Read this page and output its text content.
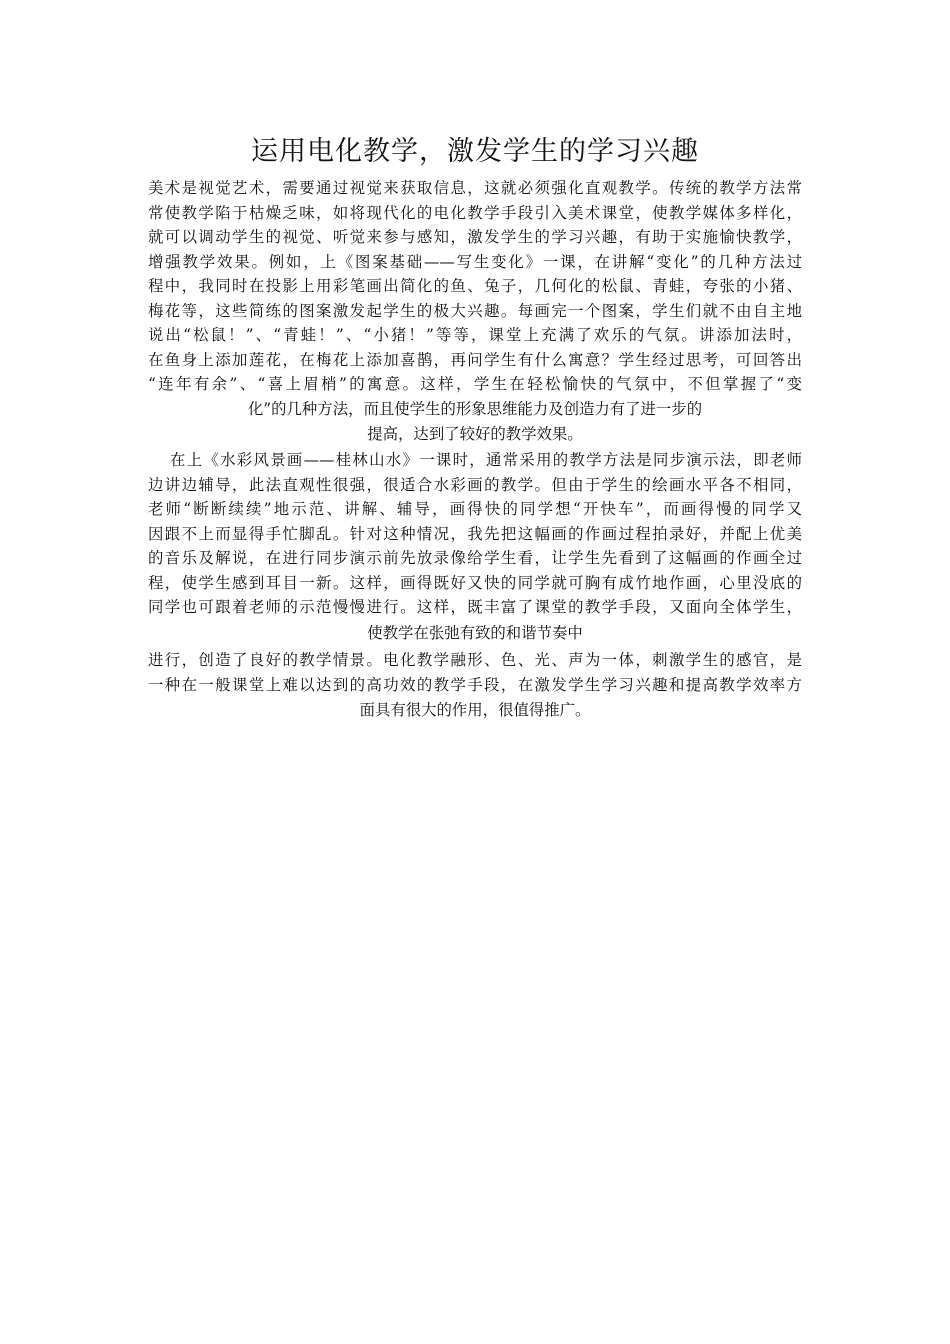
运用电化教学，激发学生的学习兴趣
美术是视觉艺术，需要通过视觉来获取信息，这就必须强化直观教学。传统的教学方法常
常使教学陷于枯燥乏味，如将现代化的电化教学手段引入美术课堂，使教学媒体多样化，
就可以调动学生的视觉、听觉来参与感知，激发学生的学习兴趣，有助于实施愉快教学，
增强教学效果。例如，上《图案基础——写生变化》一课，在讲解“变化”的几种方法过
程中，我同时在投影上用彩笔画出简化的鱼、兔子，几何化的松鼠、青蛙，夸张的小猪、
梅花等，这些简练的图案激发起学生的极大兴趣。每画完一个图案，学生们就不由自主地
说出“松鼠！”、“青蛙！”、“小猪！”等等，课堂上充满了欢乐的气氛。讲添加法时，
在鱼身上添加莲花，在梅花上添加喜鹊，再问学生有什么寓意？学生经过思考，可回答出
“连年有余”、“喜上眉梢”的寓意。这样，学生在轻松愉快的气氛中，不但掌握了“变
化”的几种方法，而且使学生的形象思维能力及创造力有了进一步的
提高，达到了较好的教学效果。
在上《水彩风景画——桂林山水》一课时，通常采用的教学方法是同步演示法，即老师
边讲边辅导，此法直观性很强，很适合水彩画的教学。但由于学生的绘画水平各不相同，
老师“断断续续”地示范、讲解、辅导，画得快的同学想“开快车”，而画得慢的同学又
因跟不上而显得手忙脚乱。针对这种情况，我先把这幅画的作画过程拍录好，并配上优美
的音乐及解说，在进行同步演示前先放录像给学生看，让学生先看到了这幅画的作画全过
程，使学生感到耳目一新。这样，画得既好又快的同学就可胸有成竹地作画，心里没底的
同学也可跟着老师的示范慢慢进行。这样，既丰富了课堂的教学手段，又面向全体学生，
使教学在张弛有致的和谐节奏中
进行，创造了良好的教学情景。电化教学融形、色、光、声为一体，刺激学生的感官，是
一种在一般课堂上难以达到的高功效的教学手段，在激发学生学习兴趣和提高教学效率方
面具有很大的作用，很值得推广。
